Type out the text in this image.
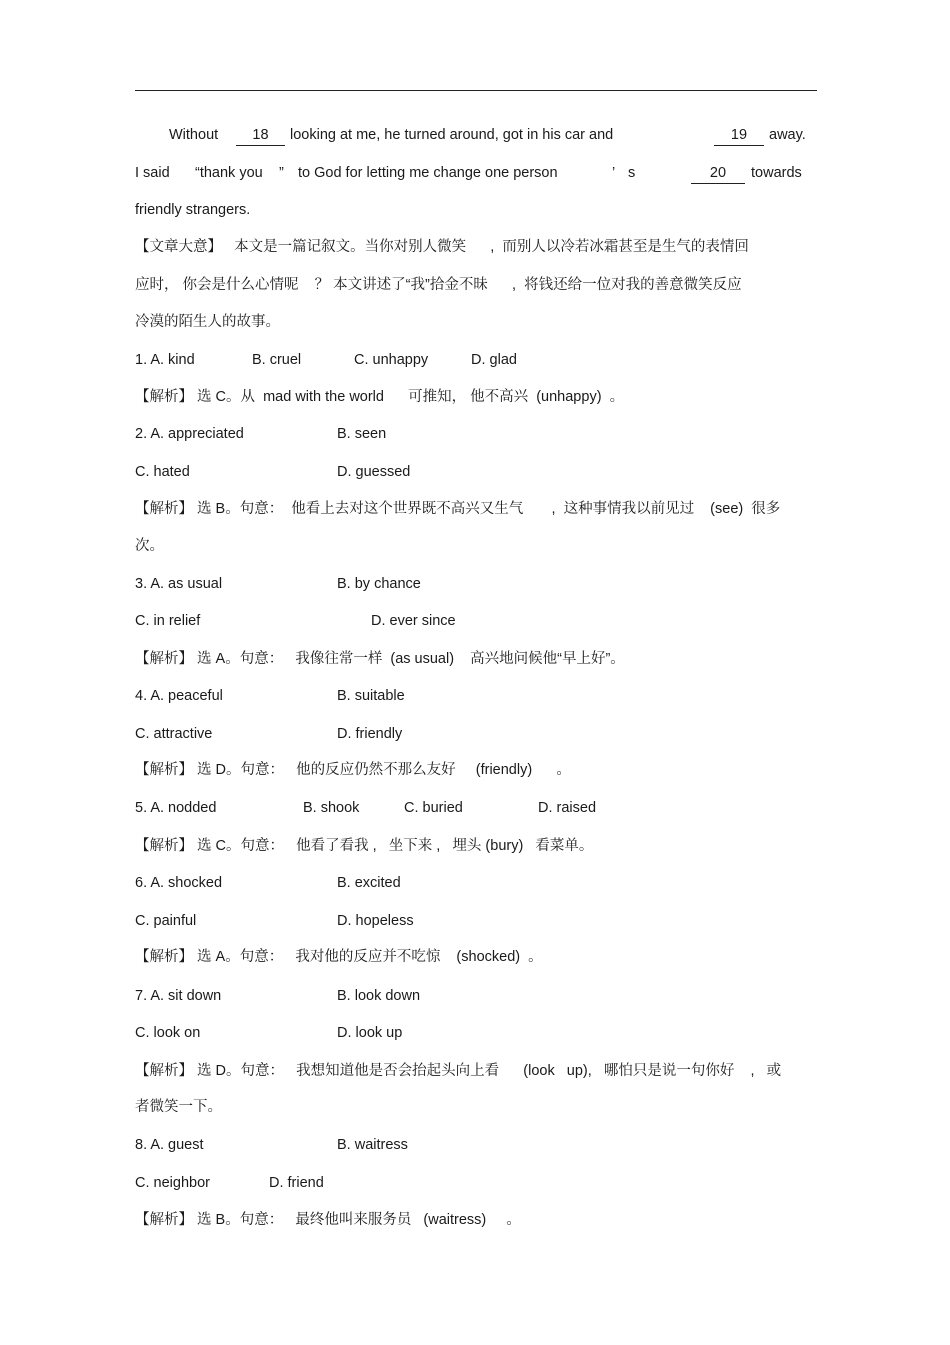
Without	18	looking at me, he turned around, got in his car and	19	away.
I said “thank you ” to God for letting me change one person	’ s	20	towards
friendly strangers.
【文章大意】   本文是一篇记叙文。当你对别人微笑      ,  而别人以冷若冰霜甚至是生气的表情回
应时， 你会是什么心情呢    ？ 本文讲述了“我”拾金不昧      ,  将钱还给一位对我的善意微笑反应
冷漠的陌生人的故事。
1. A. kind	B. cruel	C. unhappy	D. glad
【解析】 选 C。从  mad with the world      可推知， 他不高兴  (unhappy)  。
2. A. appreciated	B. seen
C. hated	D. guessed
【解析】 选 B。句意：  他看上去对这个世界既不高兴又生气       ,  这种事情我以前见过    (see)  很多
次。
3. A. as usual	B. by chance
C. in relief	D. ever since
【解析】 选 A。句意：   我像往常一样  (as usual)    高兴地问候他“早上好”。
4. A. peaceful	B. suitable
C. attractive	D. friendly
【解析】 选 D。句意：   他的反应仍然不那么友好     (friendly)      。
5. A. nodded	B. shook	C. buried	D. raised
【解析】 选 C。句意：   他看了看我 ,   坐下来 ,   埋头 (bury)   看菜单。
6. A. shocked	B. excited
C. painful	D. hopeless
【解析】 选 A。句意：   我对他的反应并不吃惊    (shocked)  。
7. A. sit down	B. look down
C. look on	D. look up
【解析】 选 D。句意：   我想知道他是否会抬起头向上看      (look   up),   哪怕只是说一句你好    ,   或
者微笑一下。
8. A. guest	B. waitress
C. neighbor	D. friend
【解析】 选 B。句意：   最终他叫来服务员   (waitress)     。
